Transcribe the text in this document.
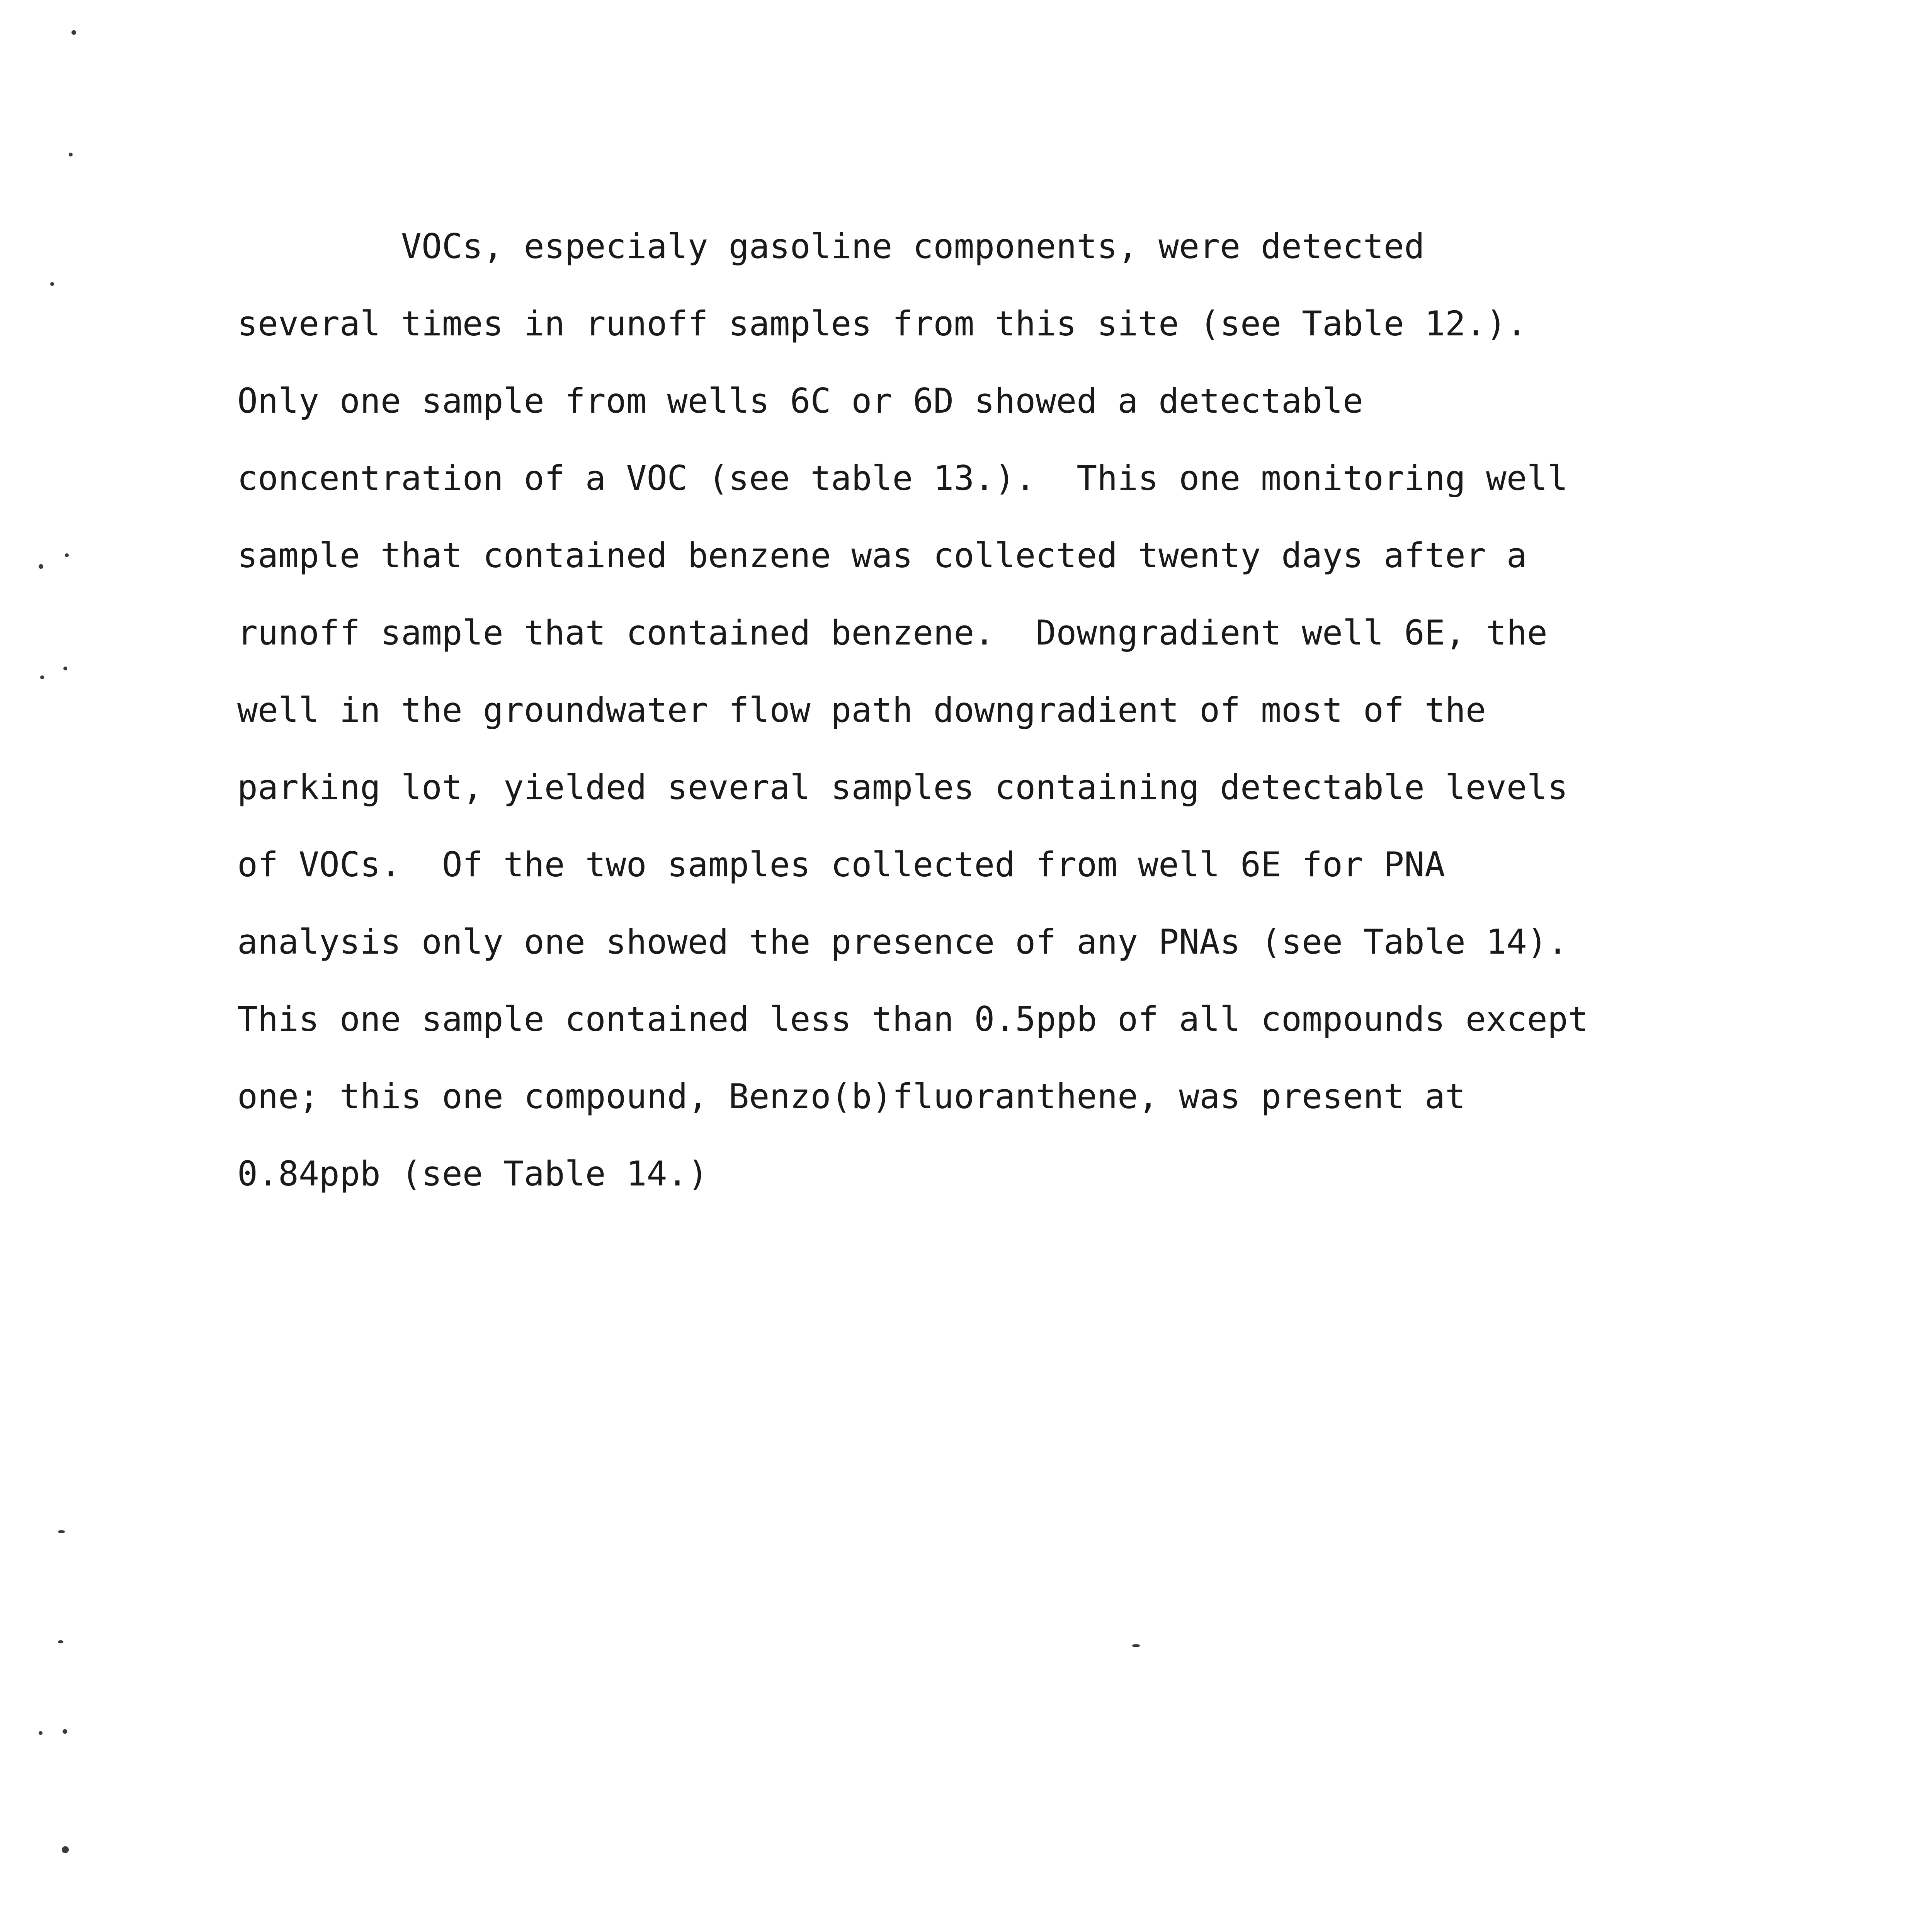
VOCs, especialy gasoline components, were detected
several times in runoff samples from this site (see Table 12.).
Only one sample from wells 6C or 6D showed a detectable
concentration of a VOC (see table 13.).  This one monitoring well
sample that contained benzene was collected twenty days after a
runoff sample that contained benzene.  Downgradient well 6E, the
well in the groundwater flow path downgradient of most of the
parking lot, yielded several samples containing detectable levels
of VOCs.  Of the two samples collected from well 6E for PNA
analysis only one showed the presence of any PNAs (see Table 14).
This one sample contained less than 0.5ppb of all compounds except
one; this one compound, Benzo(b)fluoranthene, was present at
0.84ppb (see Table 14.)
